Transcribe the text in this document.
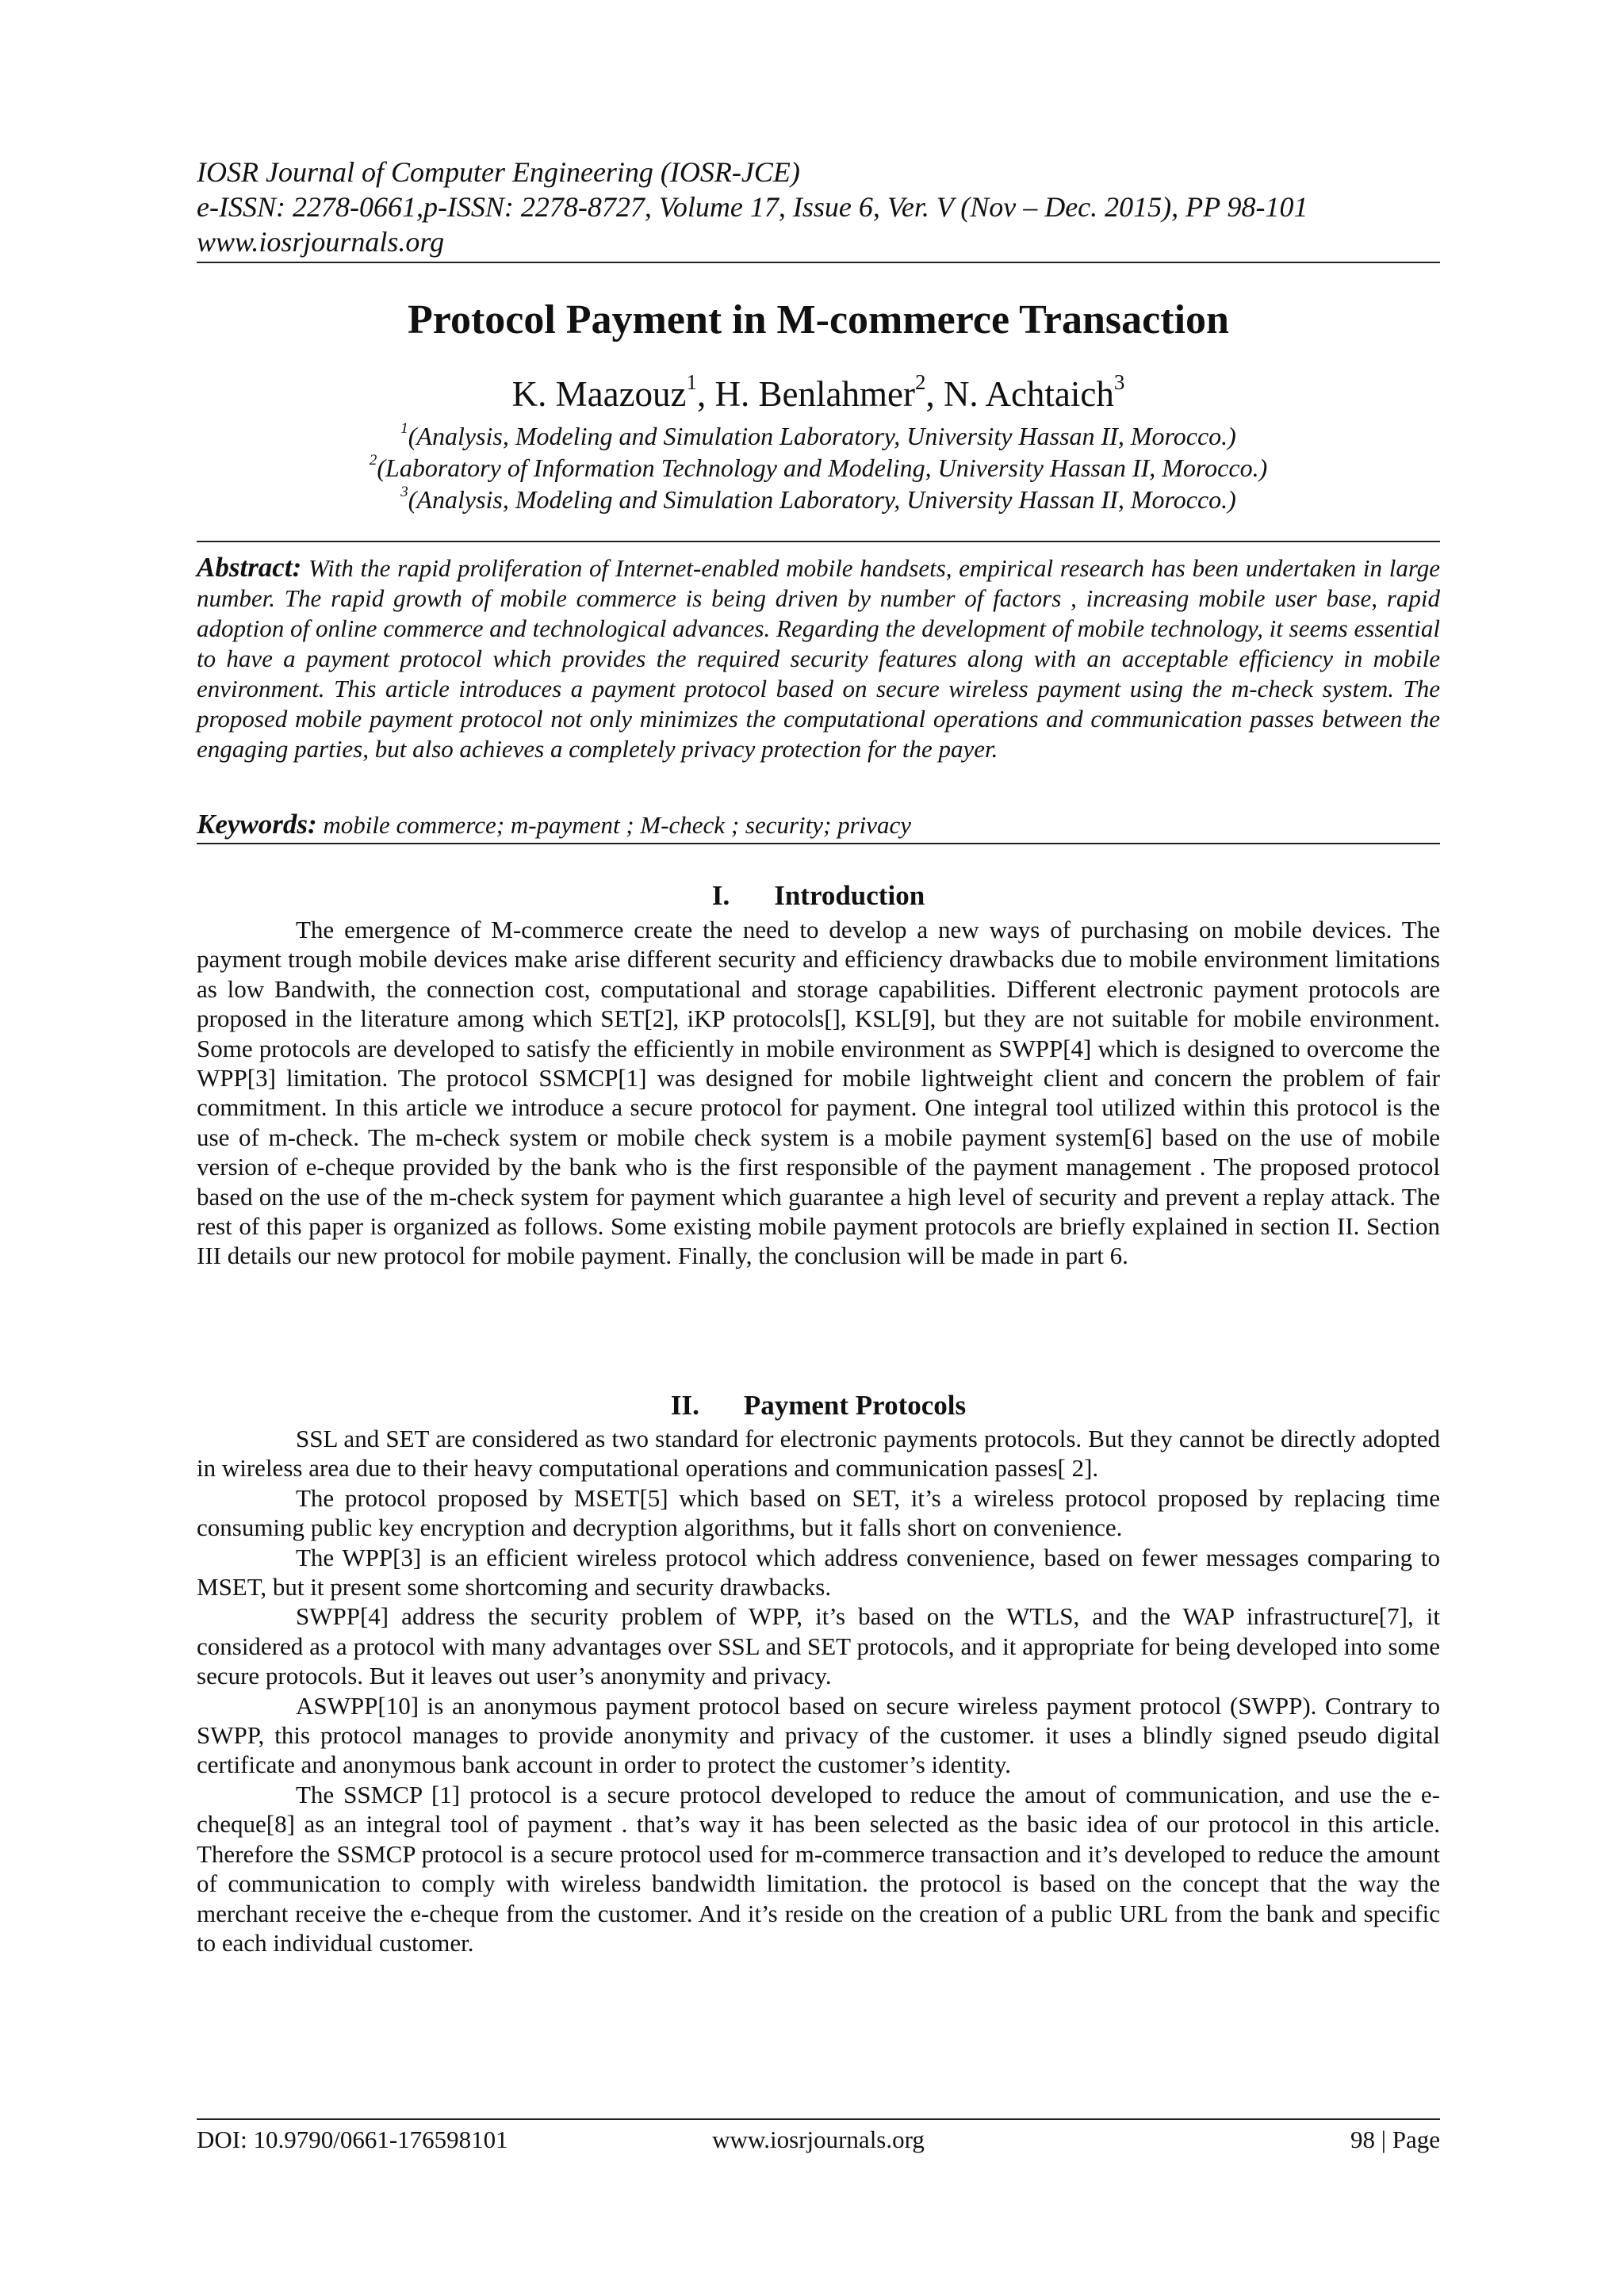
IOSR Journal of Computer Engineering (IOSR-JCE)
e-ISSN: 2278-0661,p-ISSN: 2278-8727, Volume 17, Issue 6, Ver. V (Nov – Dec. 2015), PP 98-101
www.iosrjournals.org
Protocol Payment in M-commerce Transaction
K. Maazouz$^1$, H. Benlahmer$^2$, N. Achtaich$^3$
$^1$(Analysis, Modeling and Simulation Laboratory, University Hassan II, Morocco.)
$^2$(Laboratory of Information Technology and Modeling, University Hassan II, Morocco.)
$^3$(Analysis, Modeling and Simulation Laboratory, University Hassan II, Morocco.)
Abstract: With the rapid proliferation of Internet-enabled mobile handsets, empirical research has been undertaken in large number. The rapid growth of mobile commerce is being driven by number of factors , increasing mobile user base, rapid adoption of online commerce and technological advances. Regarding the development of mobile technology, it seems essential to have a payment protocol which provides the required security features along with an acceptable efficiency in mobile environment. This article introduces a payment protocol based on secure wireless payment using the m-check system. The proposed mobile payment protocol not only minimizes the computational operations and communication passes between the engaging parties, but also achieves a completely privacy protection for the payer.
Keywords: mobile commerce; m-payment ; M-check ; security; privacy
I. Introduction

The emergence of M-commerce create the need to develop a new ways of purchasing on mobile devices. The payment trough mobile devices make arise different security and efficiency drawbacks due to mobile environment limitations as low Bandwith, the connection cost, computational and storage capabilities. Different electronic payment protocols are proposed in the literature among which SET[2], iKP protocols[], KSL[9], but they are not suitable for mobile environment. Some protocols are developed to satisfy the efficiently in mobile environment as SWPP[4] which is designed to overcome the WPP[3] limitation. The protocol SSMCP[1] was designed for mobile lightweight client and concern the problem of fair commitment. In this article we introduce a secure protocol for payment. One integral tool utilized within this protocol is the use of m-check. The m-check system or mobile check system is a mobile payment system[6] based on the use of mobile version of e-cheque provided by the bank who is the first responsible of the payment management . The proposed protocol based on the use of the m-check system for payment which guarantee a high level of security and prevent a replay attack. The rest of this paper is organized as follows. Some existing mobile payment protocols are briefly explained in section II. Section III details our new protocol for mobile payment. Finally, the conclusion will be made in part 6.

II. Payment Protocols

SSL and SET are considered as two standard for electronic payments protocols. But they cannot be directly adopted in wireless area due to their heavy computational operations and communication passes[ 2].

The protocol proposed by MSET[5] which based on SET, it’s a wireless protocol proposed by replacing time consuming public key encryption and decryption algorithms, but it falls short on convenience.

The WPP[3] is an efficient wireless protocol which address convenience, based on fewer messages comparing to MSET, but it present some shortcoming and security drawbacks.

SWPP[4] address the security problem of WPP, it’s based on the WTLS, and the WAP infrastructure[7], it considered as a protocol with many advantages over SSL and SET protocols, and it appropriate for being developed into some secure protocols. But it leaves out user’s anonymity and privacy.

ASWPP[10] is an anonymous payment protocol based on secure wireless payment protocol (SWPP). Contrary to SWPP, this protocol manages to provide anonymity and privacy of the customer. it uses a blindly signed pseudo digital certificate and anonymous bank account in order to protect the customer’s identity.

The SSMCP [1] protocol is a secure protocol developed to reduce the amout of communication, and use the e-cheque[8] as an integral tool of payment . that’s way it has been selected as the basic idea of our protocol in this article. Therefore the SSMCP protocol is a secure protocol used for m-commerce transaction and it’s developed to reduce the amount of communication to comply with wireless bandwidth limitation. the protocol is based on the concept that the way the merchant receive the e-cheque from the customer. And it’s reside on the creation of a public URL from the bank and specific to each individual customer.

DOI: 10.9790/0661-176598101	www.iosrjournals.org	98 | Page
